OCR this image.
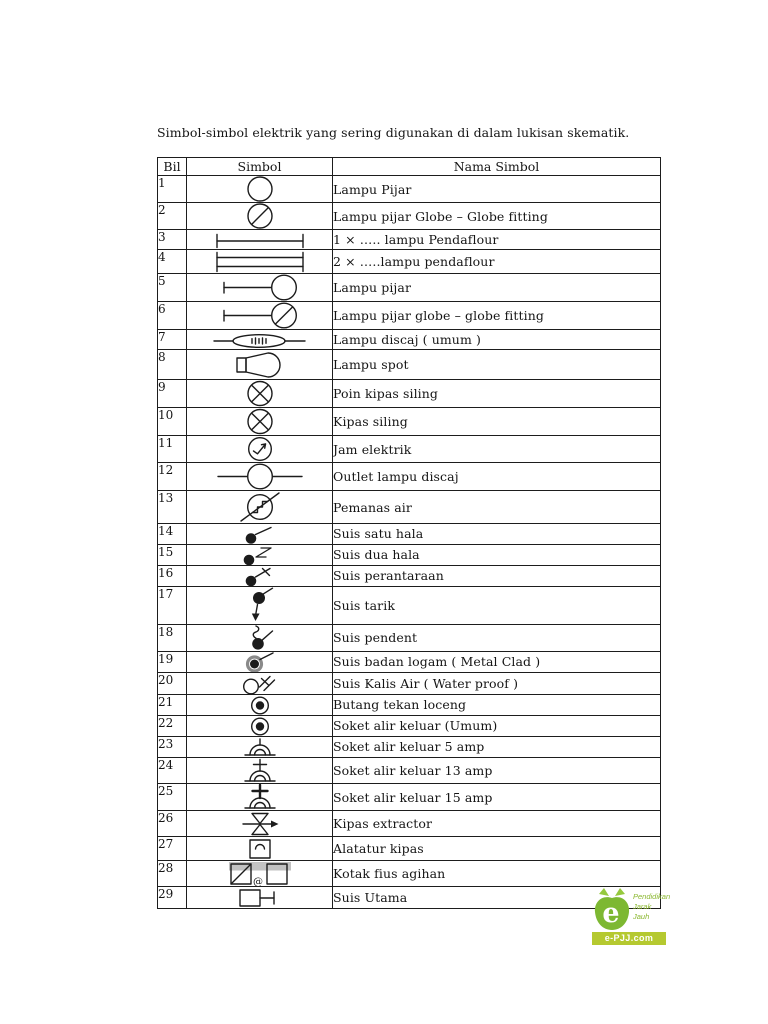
Simbol-simbol elektrik yang sering digunakan di dalam lukisan skematik.
Bil	Simbol	Nama Simbol
1		Lampu Pijar
2		Lampu pijar Globe – Globe fitting
3		1 × ….. lampu Pendaflour
4		2 × …..lampu pendaflour
5		Lampu pijar
6		Lampu pijar globe – globe fitting
7		Lampu discaj ( umum )
8		Lampu spot
9		Poin kipas siling
10		Kipas siling
11		Jam elektrik
12		Outlet lampu discaj
13		Pemanas air
14		Suis satu hala
15		Suis dua hala
16		Suis perantaraan
17		Suis tarik
18		Suis pendent
19		Suis badan logam ( Metal Clad )
20		Suis Kalis Air ( Water proof )
21		Butang tekan loceng
22		Soket alir keluar (Umum)
23		Soket alir keluar 5 amp
24		Soket alir keluar 13 amp
25		Soket alir keluar 15 amp
26		Kipas extractor
27		Alatatur kipas
28	@	Kotak fius agihan
29		Suis Utama
e
Pendidikan
Jarak
Jauh
e-PJJ.com
